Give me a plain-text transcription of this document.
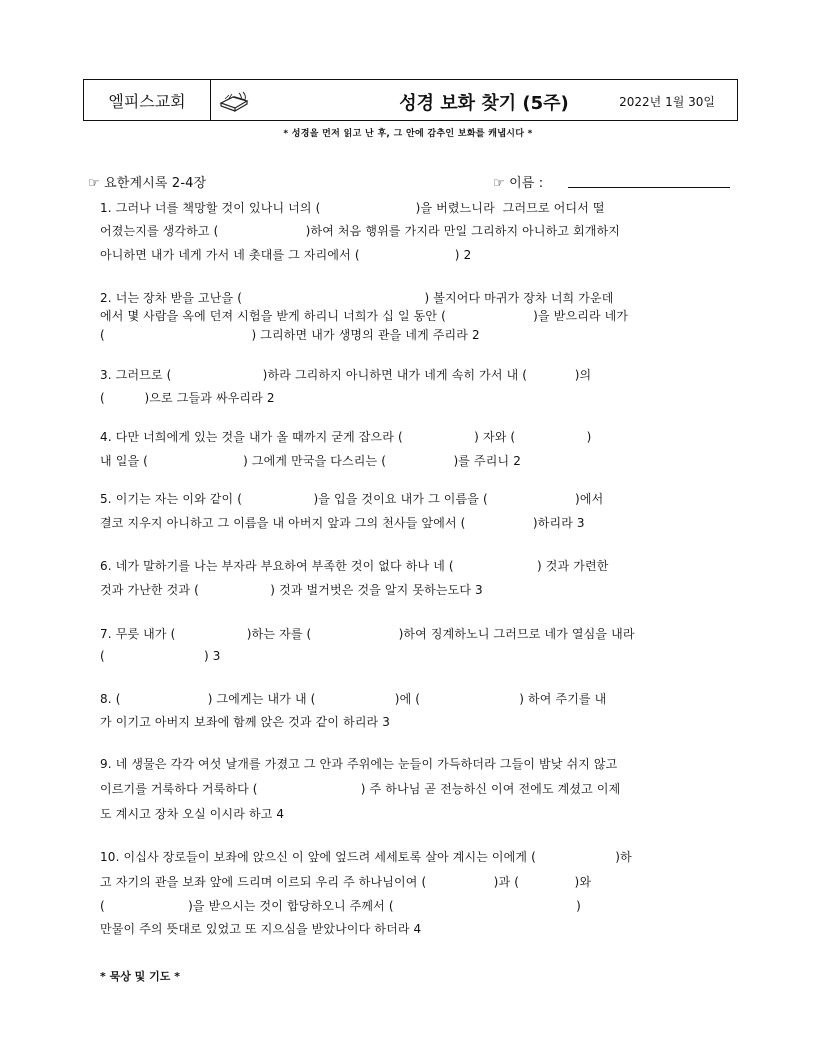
엘피스교회	성경 보화 찾기 (5주)	2022년 1월 30일
* 성경을 먼저 읽고 난 후, 그 안에 감추인 보화를 캐냅시다 *
☞ 요한계시록 2-4장	☞ 이름 :
1. 그러나 너를 책망할 것이 있나니 너의 (                        )을 버렸느니라  그러므로 어디서 떨
어졌는지를 생각하고 (                      )하여 처음 행위를 가지라 만일 그리하지 아니하고 회개하지
아니하면 내가 네게 가서 네 촛대를 그 자리에서 (                        ) 2
2. 너는 장차 받을 고난을 (                                              ) 볼지어다 마귀가 장차 너희 가운데
에서 몇 사람을 옥에 던져 시험을 받게 하리니 너희가 십 일 동안 (                      )을 받으리라 네가
(                                     ) 그리하면 내가 생명의 관을 네게 주리라 2
3. 그러므로 (                       )하라 그리하지 아니하면 내가 네게 속히 가서 내 (            )의
(          )으로 그들과 싸우리라 2
4. 다만 너희에게 있는 것을 내가 올 때까지 굳게 잡으라 (                  ) 자와 (                  )
내 일을 (                        ) 그에게 만국을 다스리는 (                 )를 주리니 2
5. 이기는 자는 이와 같이 (                  )을 입을 것이요 내가 그 이름을 (                      )에서
결코 지우지 아니하고 그 이름을 내 아버지 앞과 그의 천사들 앞에서 (                 )하리라 3
6. 네가 말하기를 나는 부자라 부요하여 부족한 것이 없다 하나 네 (                     ) 것과 가련한
것과 가난한 것과 (                  ) 것과 벌거벗은 것을 알지 못하는도다 3
7. 무릇 내가 (                  )하는 자를 (                      )하여 징계하노니 그러므로 네가 열심을 내라
(                         ) 3
8. (                      ) 그에게는 내가 내 (                    )에 (                         ) 하여 주기를 내
가 이기고 아버지 보좌에 함께 앉은 것과 같이 하리라 3
9. 네 생물은 각각 여섯 날개를 가졌고 그 안과 주위에는 눈들이 가득하더라 그들이 밤낮 쉬지 않고
이르기를 거룩하다 거룩하다 (                          ) 주 하나님 곧 전능하신 이여 전에도 계셨고 이제
도 계시고 장차 오실 이시라 하고 4
10. 이십사 장로들이 보좌에 앉으신 이 앞에 엎드려 세세토록 살아 계시는 이에게 (                    )하
고 자기의 관을 보좌 앞에 드리며 이르되 우리 주 하나님이여 (                 )과 (              )와
(                     )을 받으시는 것이 합당하오니 주께서 (                                              )
만물이 주의 뜻대로 있었고 또 지으심을 받았나이다 하더라 4
* 묵상 및 기도 *
